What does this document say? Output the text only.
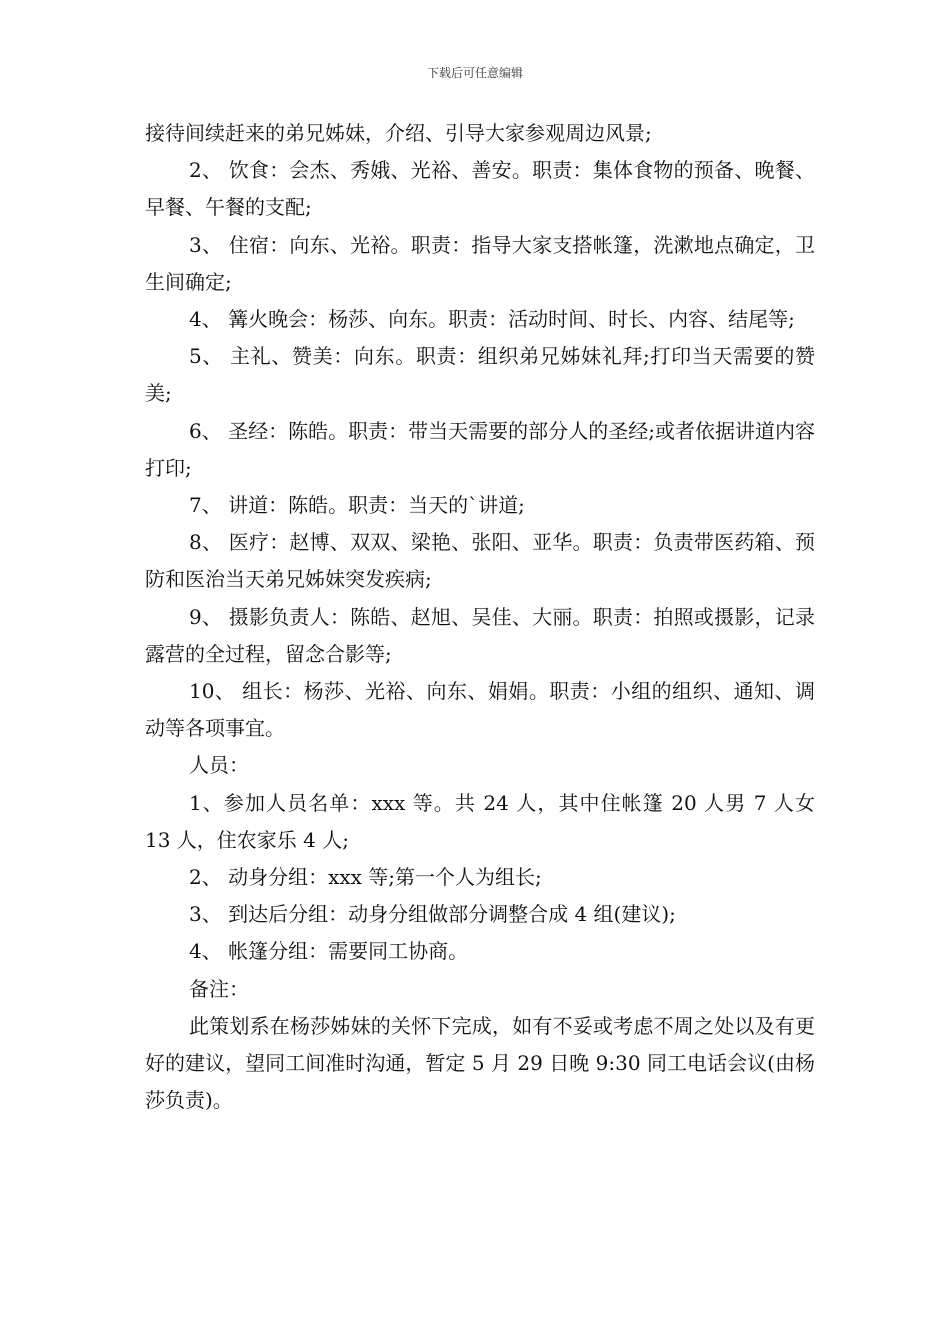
下载后可任意编辑

接待间续赶来的弟兄姊妹，介绍、引导大家参观周边风景;

2、 饮食：会杰、秀娥、光裕、善安。职责：集体食物的预备、晚餐、早餐、午餐的支配;

3、 住宿：向东、光裕。职责：指导大家支搭帐篷，洗漱地点确定，卫生间确定;

4、 篝火晚会：杨莎、向东。职责：活动时间、时长、内容、结尾等;

5、 主礼、赞美：向东。职责：组织弟兄姊妹礼拜;打印当天需要的赞美;

6、 圣经：陈皓。职责：带当天需要的部分人的圣经;或者依据讲道内容打印;

7、 讲道：陈皓。职责：当天的`讲道;

8、 医疗：赵博、双双、梁艳、张阳、亚华。职责：负责带医药箱、预防和医治当天弟兄姊妹突发疾病;

9、 摄影负责人：陈皓、赵旭、吴佳、大丽。职责：拍照或摄影，记录露营的全过程，留念合影等;

10、 组长：杨莎、光裕、向东、娟娟。职责：小组的组织、通知、调动等各项事宜。

人员：

1、参加人员名单：xxx 等。共 24 人，其中住帐篷 20 人男 7 人女 13 人，住农家乐 4 人;

2、 动身分组：xxx 等;第一个人为组长;

3、 到达后分组：动身分组做部分调整合成 4 组(建议);

4、 帐篷分组：需要同工协商。

备注：

此策划系在杨莎姊妹的关怀下完成，如有不妥或考虑不周之处以及有更好的建议，望同工间准时沟通，暂定 5 月 29 日晚 9:30 同工电话会议(由杨莎负责)。
